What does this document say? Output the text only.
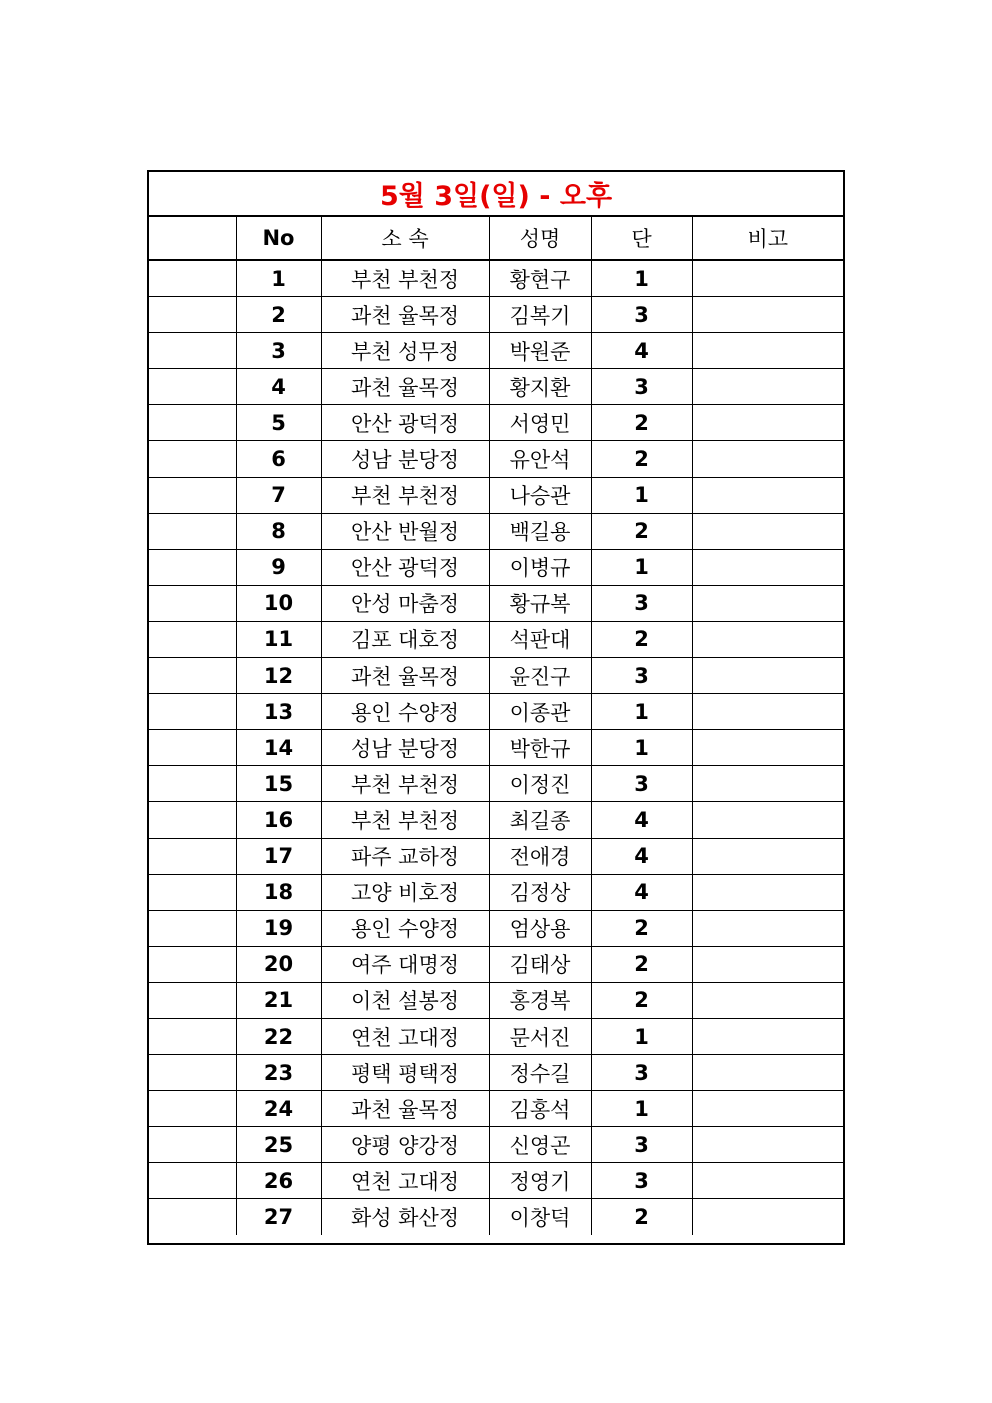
5월 3일(일) - 오후
	No	소 속	성명	단	비고
	1	부천 부천정	황현구	1	
	2	과천 율목정	김복기	3	
	3	부천 성무정	박원준	4	
	4	과천 율목정	황지환	3	
	5	안산 광덕정	서영민	2	
	6	성남 분당정	유안석	2	
	7	부천 부천정	나승관	1	
	8	안산 반월정	백길용	2	
	9	안산 광덕정	이병규	1	
	10	안성 마춤정	황규복	3	
	11	김포 대호정	석판대	2	
	12	과천 율목정	윤진구	3	
	13	용인 수양정	이종관	1	
	14	성남 분당정	박한규	1	
	15	부천 부천정	이정진	3	
	16	부천 부천정	최길종	4	
	17	파주 교하정	전애경	4	
	18	고양 비호정	김정상	4	
	19	용인 수양정	엄상용	2	
	20	여주 대명정	김태상	2	
	21	이천 설봉정	홍경복	2	
	22	연천 고대정	문서진	1	
	23	평택 평택정	정수길	3	
	24	과천 율목정	김홍석	1	
	25	양평 양강정	신영곤	3	
	26	연천 고대정	정영기	3	
	27	화성 화산정	이창덕	2	
